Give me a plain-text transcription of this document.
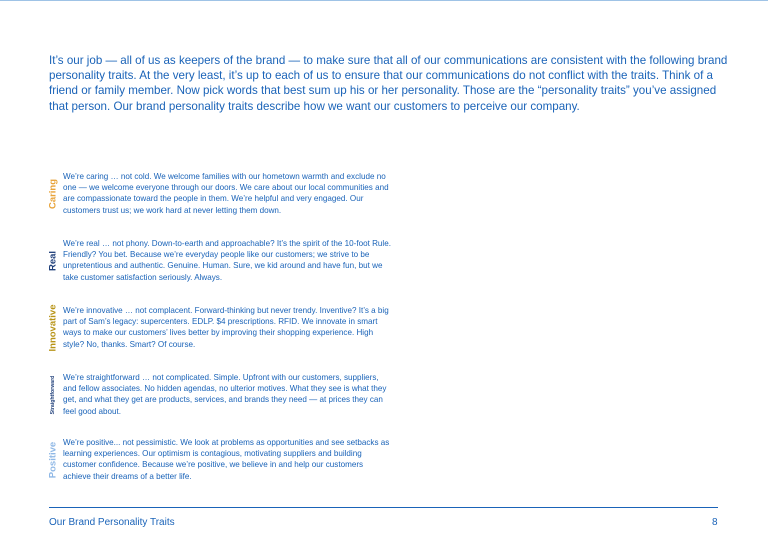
It’s our job — all of us as keepers of the brand — to make sure that all of our communications are consistent with the following brand personality traits. At the very least, it’s up to each of us to ensure that our communications do not conflict with the traits. Think of a friend or family member. Now pick words that best sum up his or her personality. Those are the “personality traits” you’ve assigned that person. Our brand personality traits describe how we want our customers to perceive our company.

Caring

We’re caring … not cold. We welcome families with our hometown warmth and exclude no one — we welcome everyone through our doors. We care about our local communities and are compassionate toward the people in them. We’re helpful and very engaged. Our customers trust us; we work hard at never letting them down.

Real

We’re real … not phony. Down-to-earth and approachable? It’s the spirit of the 10-foot Rule. Friendly? You bet. Because we’re everyday people like our customers; we strive to be unpretentious and authentic. Genuine. Human. Sure, we kid around and have fun, but we take customer satisfaction seriously. Always.

Innovative We’re innovative … not complacent. Forward-thinking but never trendy. Inventive? It’s a big part of Sam’s legacy: supercenters. EDLP. $4 prescriptions. RFID. We innovate in smart ways to make our customers’ lives better by improving their shopping experience. High style? No, thanks. Smart? Of course.

Straightforward We’re straightforward … not complicated. Simple. Upfront with our customers, suppliers, and fellow associates. No hidden agendas, no ulterior motives. What they see is what they get, and what they get are products, services, and brands they need — at prices they can feel good about.

Positive We’re positive... not pessimistic. We look at problems as opportunities and see setbacks as learning experiences. Our optimism is contagious, motivating suppliers and building customer confidence. Because we’re positive, we believe in and help our customers achieve their dreams of a better life.

Our Brand Personality Traits	8
